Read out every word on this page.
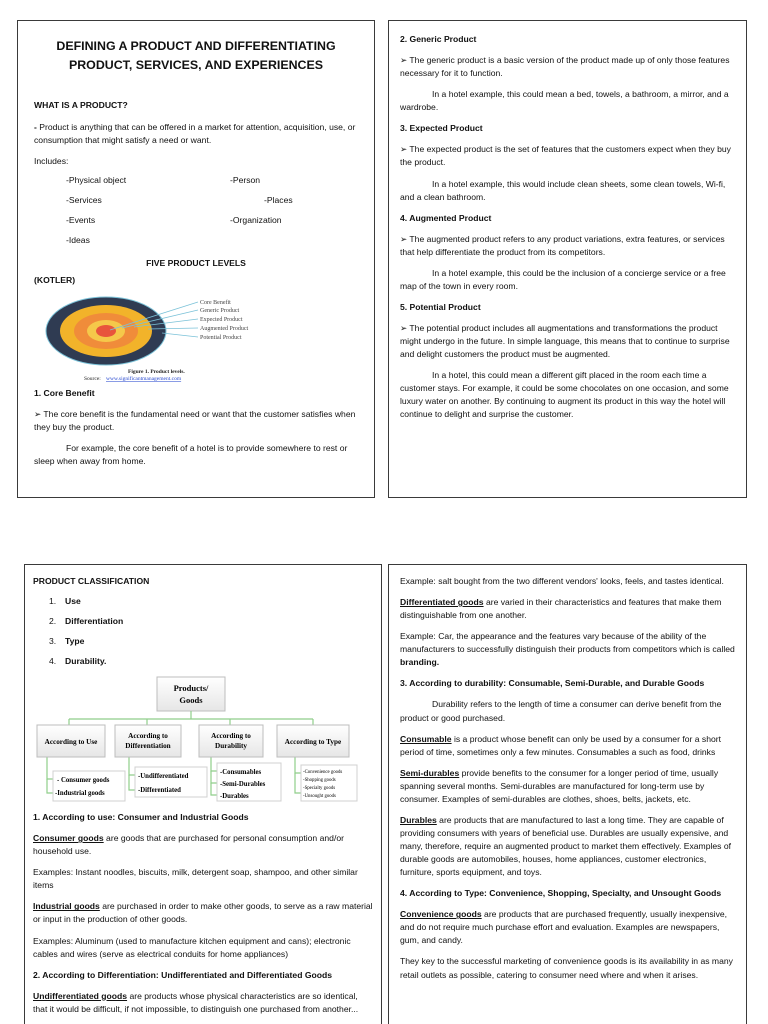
DEFINING A PRODUCT AND DIFFERENTIATING
PRODUCT, SERVICES, AND EXPERIENCES
WHAT IS A PRODUCT?

- Product is anything that can be offered in a market for attention, acquisition, use, or consumption that might satisfy a need or want.

Includes:
-Physical object	-Person
-Services	-Places
-Events	-Organization
-Ideas
FIVE PRODUCT LEVELS
(KOTLER)
Core Benefit
Generic Product
Expected Product
Augmented Product
Potential Product
Figure 1. Product levels.
Source: www.significantmanagement.com
1. Core Benefit

➢ The core benefit is the fundamental need or want that the customer satisfies when they buy the product.

For example, the core benefit of a hotel is to provide somewhere to rest or sleep when away from home.

2. Generic Product

➢ The generic product is a basic version of the product made up of only those features necessary for it to function.

In a hotel example, this could mean a bed, towels, a bathroom, a mirror, and a wardrobe.

3. Expected Product

➢ The expected product is the set of features that the customers expect when they buy the product.

In a hotel example, this would include clean sheets, some clean towels, Wi-fi, and a clean bathroom.

4. Augmented Product

➢ The augmented product refers to any product variations, extra features, or services that help differentiate the product from its competitors.

In a hotel example, this could be the inclusion of a concierge service or a free map of the town in every room.

5. Potential Product

➢ The potential product includes all augmentations and transformations the product might undergo in the future. In simple language, this means that to continue to surprise and delight customers the product must be augmented.

In a hotel, this could mean a different gift placed in the room each time a customer stays. For example, it could be some chocolates on one occasion, and some luxury water on another. By continuing to augment its product in this way the hotel will continue to delight and surprise the customer.

PRODUCT CLASSIFICATION
1.	Use
2.	Differentiation
3.	Type
4.	Durability.
Products/
Goods
According to Use
According to
Differentiation
According to
Durability	According to Type
- Consumer goods
-Industrial goods
-Undifferentiated
-Differentiated
-Consumables
-Semi-Durables
-Durables
-Convenience goods
-Shopping goods
-Specialty goods
-Unsought goods
1. According to use: Consumer and Industrial Goods

Consumer goods are goods that are purchased for personal consumption and/or household use.

Examples: Instant noodles, biscuits, milk, detergent soap, shampoo, and other similar items

Industrial goods are purchased in order to make other goods, to serve as a raw material or input in the production of other goods.

Examples: Aluminum (used to manufacture kitchen equipment and cans); electronic cables and wires (serve as electrical conduits for home appliances)

2. According to Differentiation: Undifferentiated and Differentiated Goods

Undifferentiated goods are products whose physical characteristics are so identical, that it would be difficult, if not impossible, to distinguish one purchased from another...

Example: salt bought from the two different vendors' looks, feels, and tastes identical.

Differentiated goods are varied in their characteristics and features that make them distinguishable from one another.

Example: Car, the appearance and the features vary because of the ability of the manufacturers to successfully distinguish their products from competitors which is called branding.

3. According to durability: Consumable, Semi-Durable, and Durable Goods

Durability refers to the length of time a consumer can derive benefit from the product or good purchased.

Consumable is a product whose benefit can only be used by a consumer for a short period of time, sometimes only a few minutes. Consumables a such as food, drinks

Semi-durables provide benefits to the consumer for a longer period of time, usually spanning several months. Semi-durables are manufactured for long-term use by consumer. Examples of semi-durables are clothes, shoes, belts, jackets, etc.

Durables are products that are manufactured to last a long time. They are capable of providing consumers with years of beneficial use. Durables are usually expensive, and many, therefore, require an augmented product to market them effectively. Examples of durable goods are automobiles, houses, home appliances, customer electronics, furniture, sports equipment, and toys.

4. According to Type: Convenience, Shopping, Specialty, and Unsought Goods

Convenience goods are products that are purchased frequently, usually inexpensive, and do not require much purchase effort and evaluation. Examples are newspapers, gum, and candy.

They key to the successful marketing of convenience goods is its availability in as many retail outlets as possible, catering to consumer need where and when it arises.
